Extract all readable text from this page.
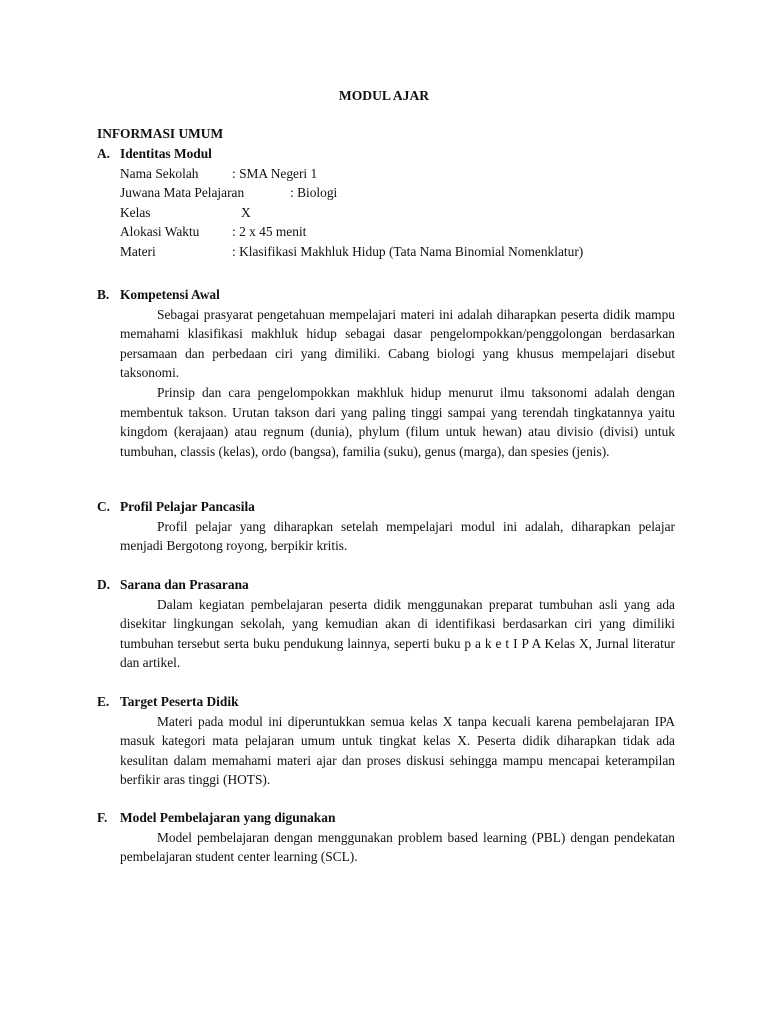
MODUL AJAR
INFORMASI UMUM
A. Identitas Modul
Nama Sekolah	: SMA Negeri 1
Juwana Mata Pelajaran	: Biologi
Kelas	X
Alokasi Waktu	: 2 x 45 menit
Materi	: Klasifikasi Makhluk Hidup (Tata Nama Binomial Nomenklatur)
B. Kompetensi Awal

Sebagai prasyarat pengetahuan mempelajari materi ini adalah diharapkan peserta didik mampu memahami klasifikasi makhluk hidup sebagai dasar pengelompokkan/penggolongan berdasarkan persamaan dan perbedaan ciri yang dimiliki. Cabang biologi yang khusus mempelajari disebut taksonomi.

Prinsip dan cara pengelompokkan makhluk hidup menurut ilmu taksonomi adalah dengan membentuk takson. Urutan takson dari yang paling tinggi sampai yang terendah tingkatannya yaitu kingdom (kerajaan) atau regnum (dunia), phylum (filum untuk hewan) atau divisio (divisi) untuk tumbuhan, classis (kelas), ordo (bangsa), familia (suku), genus (marga), dan spesies (jenis).

C. Profil Pelajar Pancasila

Profil pelajar yang diharapkan setelah mempelajari modul ini adalah, diharapkan pelajar menjadi Bergotong royong, berpikir kritis.

D. Sarana dan Prasarana

Dalam kegiatan pembelajaran peserta didik menggunakan preparat tumbuhan asli yang ada disekitar lingkungan sekolah, yang kemudian akan di identifikasi berdasarkan ciri yang dimiliki tumbuhan tersebut serta buku pendukung lainnya, seperti buku p a k e t I P A Kelas X, Jurnal literatur dan artikel.

E. Target Peserta Didik

Materi pada modul ini diperuntukkan semua kelas X tanpa kecuali karena pembelajaran IPA masuk kategori mata pelajaran umum untuk tingkat kelas X. Peserta didik diharapkan tidak ada kesulitan dalam memahami materi ajar dan proses diskusi sehingga mampu mencapai keterampilan berfikir aras tinggi (HOTS).

F. Model Pembelajaran yang digunakan

Model pembelajaran dengan menggunakan problem based learning (PBL) dengan pendekatan pembelajaran student center learning (SCL).
